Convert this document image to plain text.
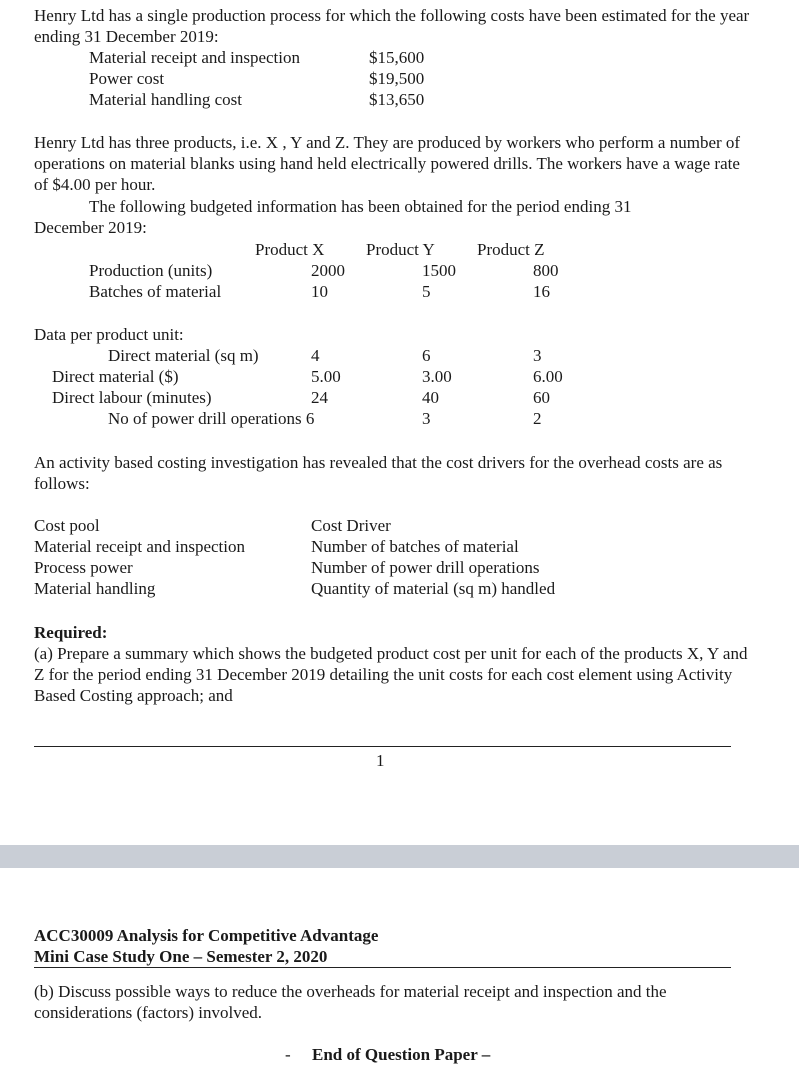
Henry Ltd has a single production process for which the following costs have been estimated for the year ending 31 December 2019:

Material receipt and inspection	$15,600
Power cost	$19,500
Material handling cost	$13,650

Henry Ltd has three products, i.e. X , Y and Z. They are produced by workers who perform a number of operations on material blanks using hand held electrically powered drills. The workers have a wage rate of $4.00 per hour.

The following budgeted information has been obtained for the period ending 31
December 2019:
Product X Product Y Product Z
Production (units)	2000	1500	800
Batches of material	10	5	16
Data per product unit:
Direct material (sq m)	4	6	3
Direct material ($)	5.00	3.00	6.00
Direct labour (minutes)	24	40	60
No of power drill operations 6	3	2

An activity based costing investigation has revealed that the cost drivers for the overhead costs are as follows:

Cost pool	Cost Driver
Material receipt and inspection	Number of batches of material
Process power	Number of power drill operations
Material handling	Quantity of material (sq m) handled
Required:

(a) Prepare a summary which shows the budgeted product cost per unit for each of the products X, Y and Z for the period ending 31 December 2019 detailing the unit costs for each cost element using Activity Based Costing approach; and

1
ACC30009 Analysis for Competitive Advantage
Mini Case Study One – Semester 2, 2020

(b) Discuss possible ways to reduce the overheads for material receipt and inspection and the considerations (factors) involved.

- End of Question Paper –
